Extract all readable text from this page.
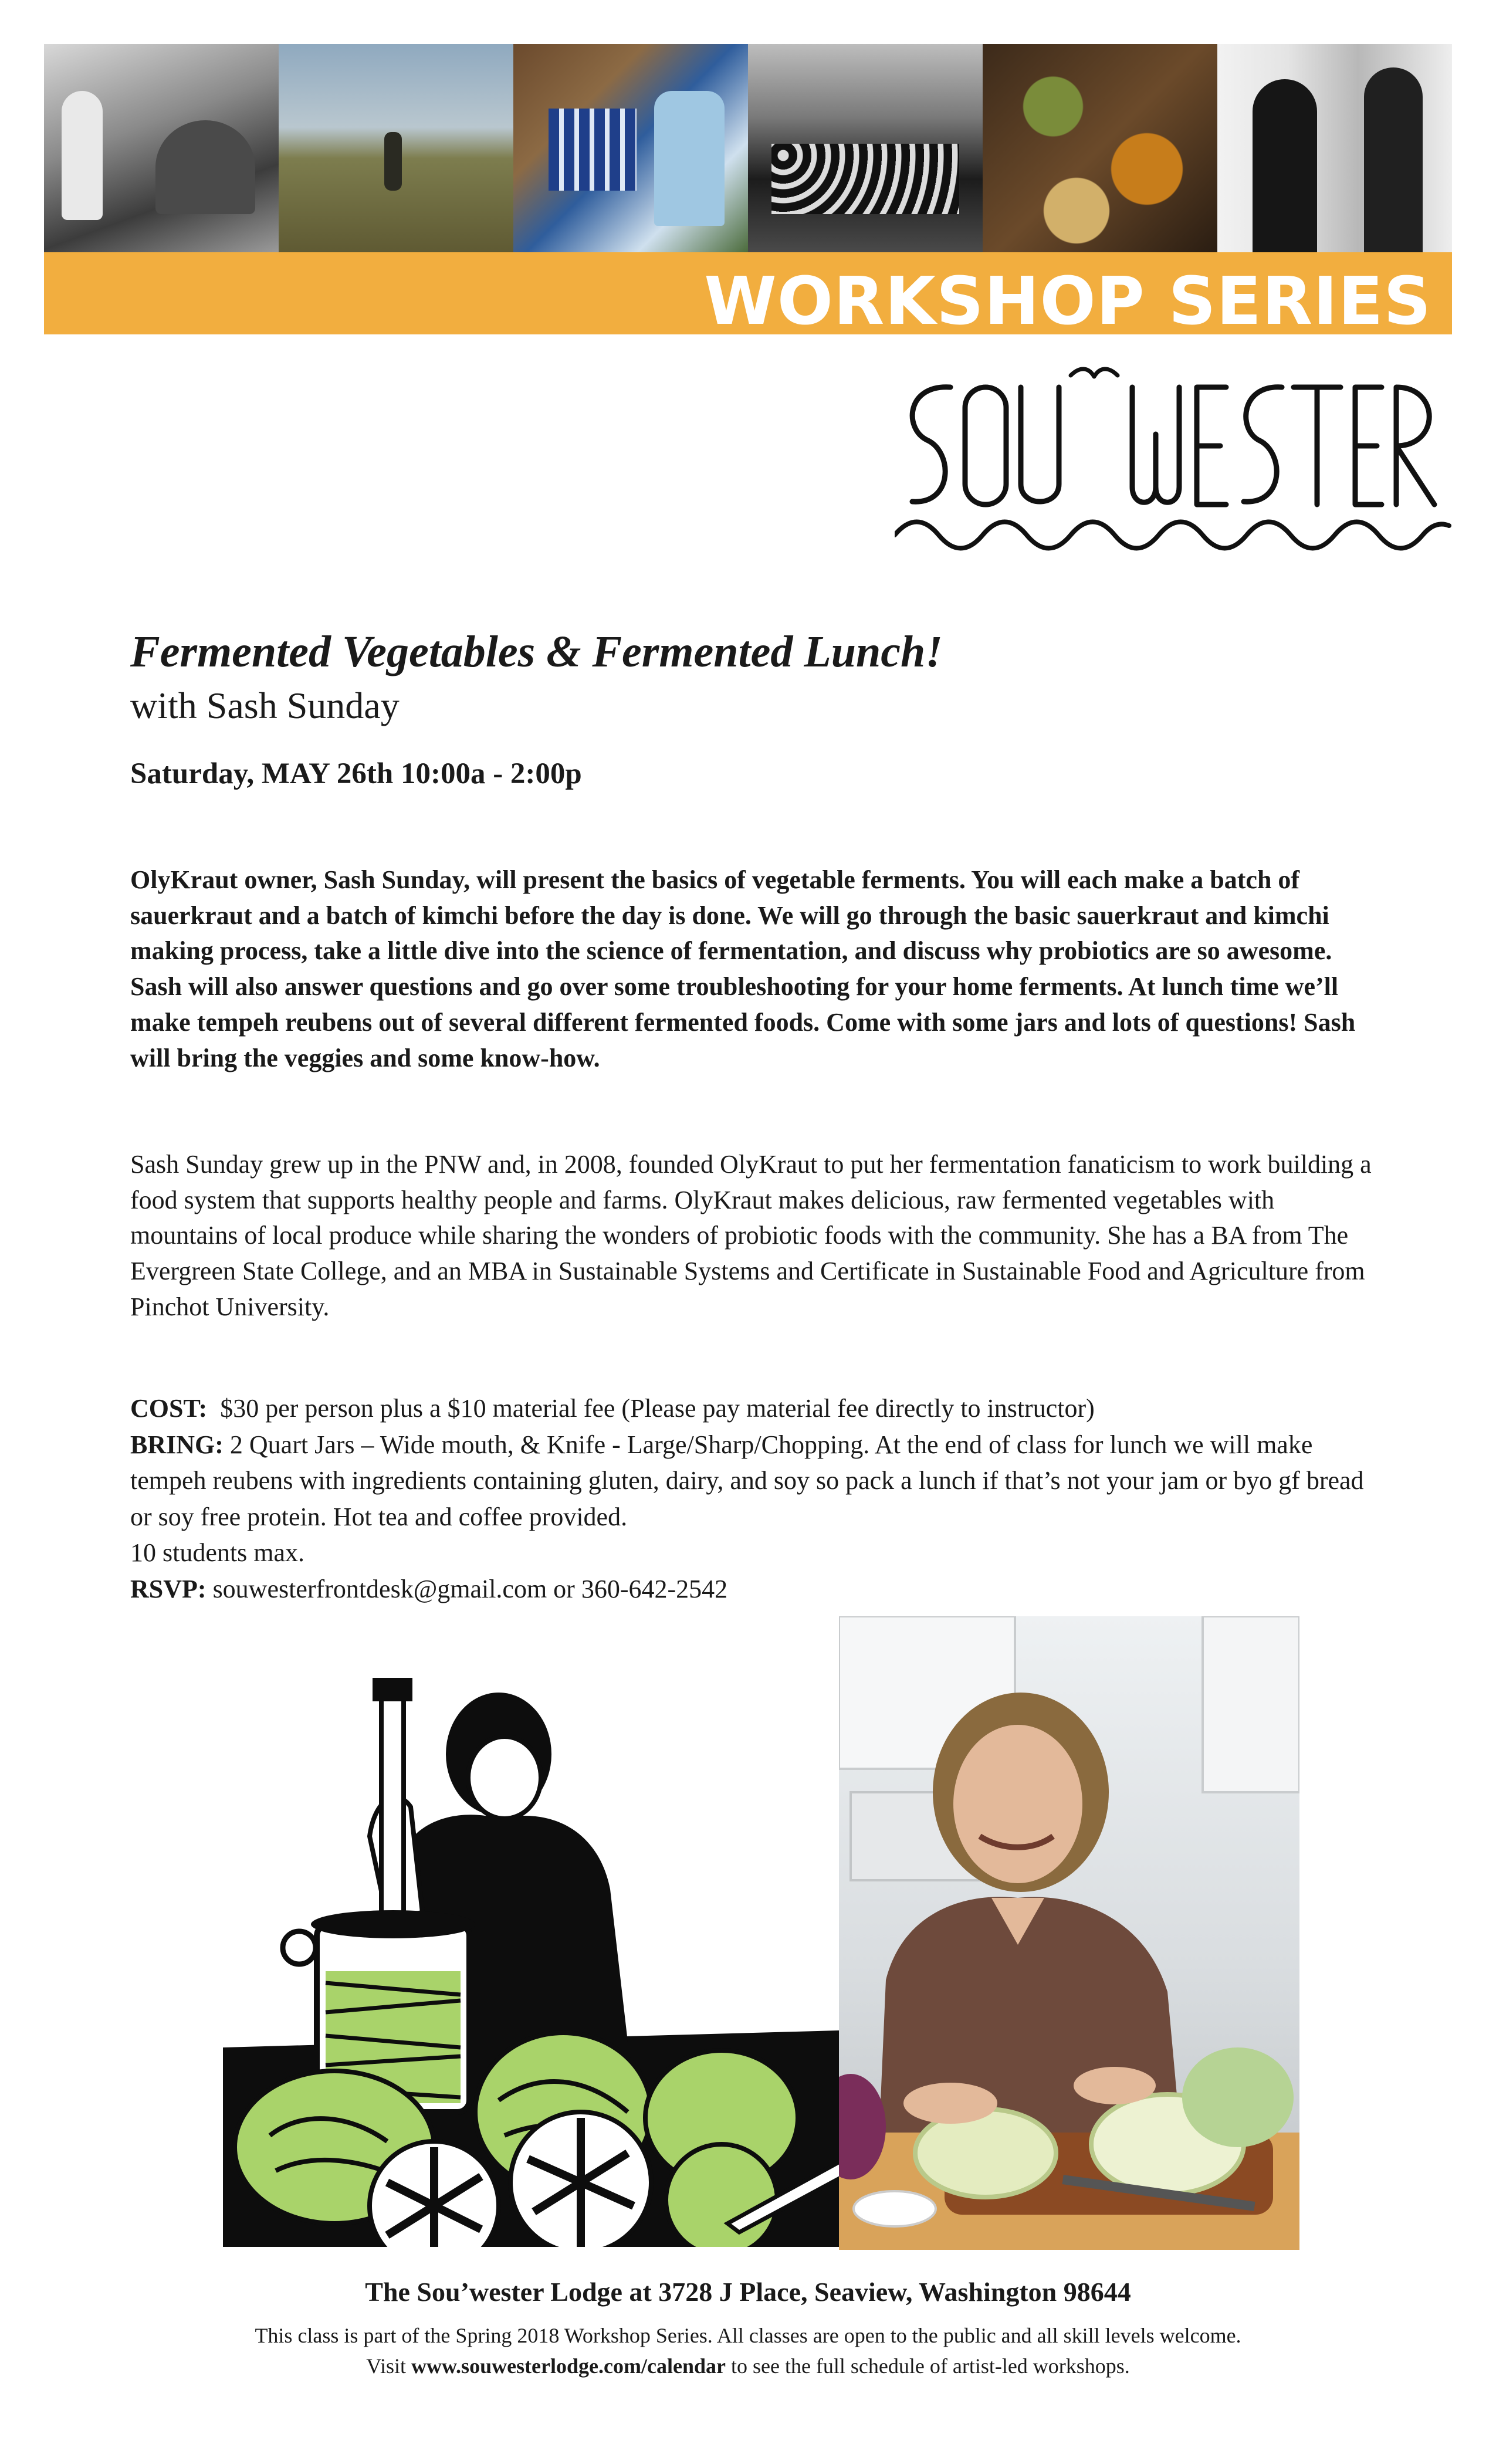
WORKSHOP SERIES
Fermented Vegetables & Fermented Lunch!
with Sash Sunday
Saturday, MAY 26th 10:00a - 2:00p
OlyKraut owner, Sash Sunday, will present the basics of vegetable ferments. You will each make a batch of sauerkraut and a batch of kimchi before the day is done. We will go through the basic sauerkraut and kimchi making process, take a little dive into the science of fermentation, and discuss why probiotics are so awesome. Sash will also answer questions and go over some troubleshooting for your home ferments. At lunch time we’ll make tempeh reubens out of several different fermented foods. Come with some jars and lots of questions! Sash will bring the veggies and some know-how.
Sash Sunday grew up in the PNW and, in 2008, founded OlyKraut to put her fermentation fanaticism to work building a food system that supports healthy people and farms. OlyKraut makes delicious, raw fermented vegetables with mountains of local produce while sharing the wonders of probiotic foods with the community. She has a BA from The Evergreen State College, and an MBA in Sustainable Systems and Certificate in Sustainable Food and Agriculture from Pinchot University.

COST: $30 per person plus a $10 material fee (Please pay material fee directly to instructor)

BRING: 2 Quart Jars – Wide mouth, & Knife - Large/Sharp/Chopping. At the end of class for lunch we will make tempeh reubens with ingredients containing gluten, dairy, and soy so pack a lunch if that’s not your jam or byo gf bread or soy free protein. Hot tea and coffee provided.

10 students max.

RSVP: souwesterfrontdesk@gmail.com or 360-642-2542

The Sou’wester Lodge at 3728 J Place, Seaview, Washington 98644
This class is part of the Spring 2018 Workshop Series. All classes are open to the public and all skill levels welcome.
Visit www.souwesterlodge.com/calendar to see the full schedule of artist-led workshops.
